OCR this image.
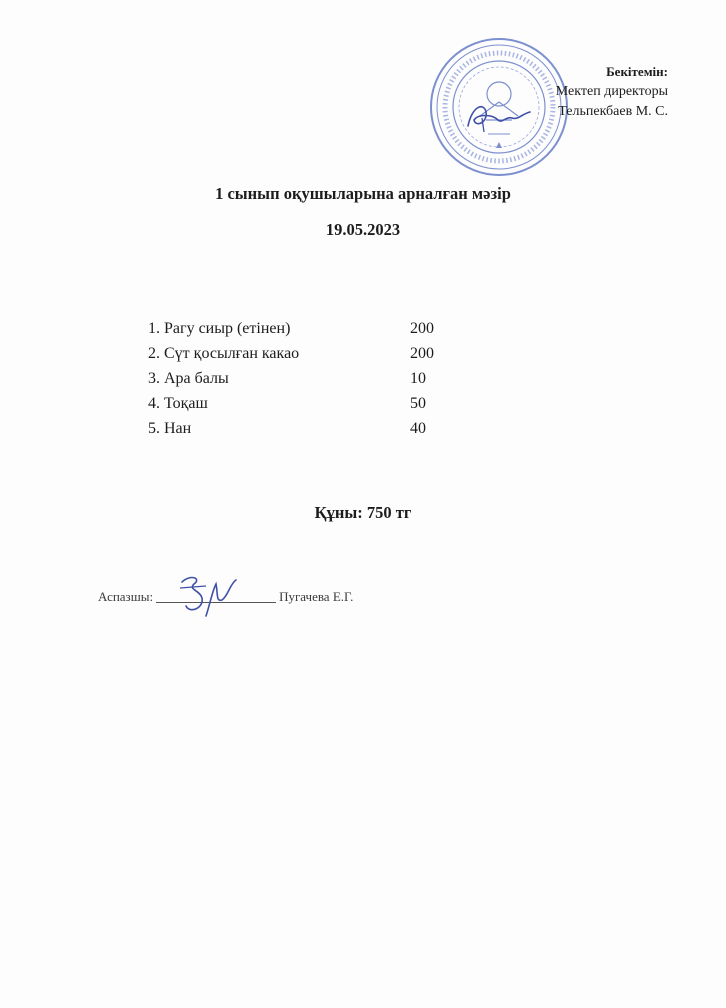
Бекітемін:
Мектеп директоры
Тельпекбаев М. С.
1 сынып оқушыларына арналған мәзір
19.05.2023
1. Рагу сиыр (етінен)	200
2. Сүт қосылған какао	200
3. Ара балы	10
4. Тоқаш	50
5. Нан	40
Құны: 750 тг
Аспазшы:	Пугачева Е.Г.
